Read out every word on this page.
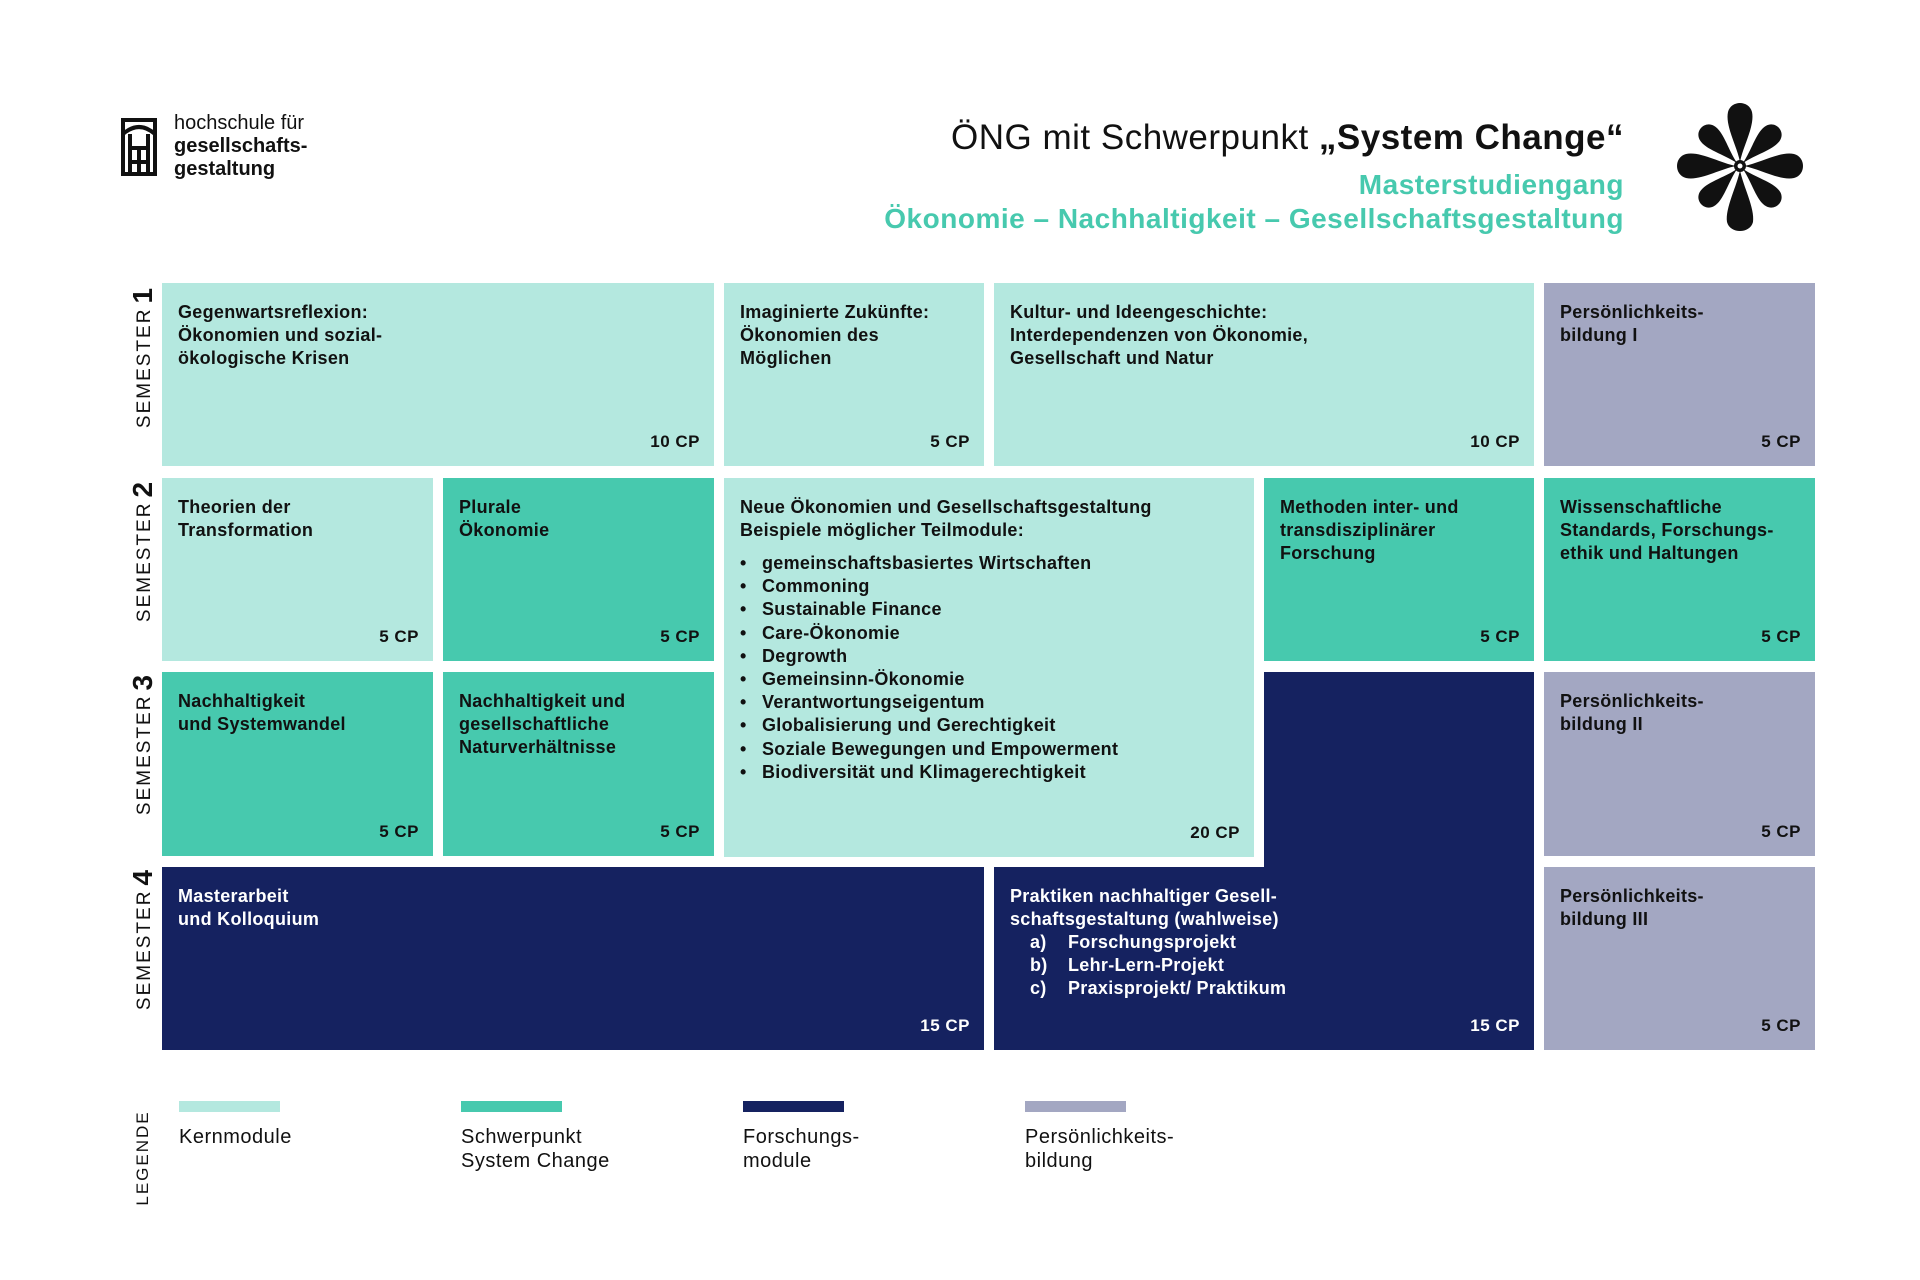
hochschule für
gesellschafts-
gestaltung
ÖNG mit Schwerpunkt „System Change“
Masterstudiengang
Ökonomie – Nachhaltigkeit – Gesellschaftsgestaltung
SEMESTER1
SEMESTER2
SEMESTER3
SEMESTER4
Gegenwartsreflexion:
Ökonomien und sozial-
ökologische Krisen
10 CP
Imaginierte Zukünfte:
Ökonomien des
Möglichen
5 CP
Kultur- und Ideengeschichte:
Interdependenzen von Ökonomie,
Gesellschaft und Natur
10 CP
Persönlichkeits-
bildung I
5 CP
Theorien der
Transformation
5 CP
Plurale
Ökonomie
5 CP
Neue Ökonomien und Gesellschaftsgestaltung
Beispiele möglicher Teilmodule:
• gemeinschaftsbasiertes Wirtschaften
• Commoning
• Sustainable Finance
• Care-Ökonomie
• Degrowth
• Gemeinsinn-Ökonomie
• Verantwortungseigentum
• Globalisierung und Gerechtigkeit
• Soziale Bewegungen und Empowerment
• Biodiversität und Klimagerechtigkeit
20 CP
Methoden inter- und
transdisziplinärer
Forschung
5 CP
Wissenschaftliche
Standards, Forschungs-
ethik und Haltungen
5 CP
Nachhaltigkeit
und Systemwandel
5 CP
Nachhaltigkeit und
gesellschaftliche
Naturverhältnisse
5 CP
Persönlichkeits-
bildung II
5 CP
Masterarbeit
und Kolloquium
15 CP
Praktiken nachhaltiger Gesell-
schaftsgestaltung (wahlweise)
a) Forschungsprojekt
b) Lehr-Lern-Projekt
c) Praxisprojekt/ Praktikum
15 CP
Persönlichkeits-
bildung III
5 CP
LEGENDE Kernmodule	Schwerpunkt
System Change
Forschungs-
module
Persönlichkeits-
bildung
